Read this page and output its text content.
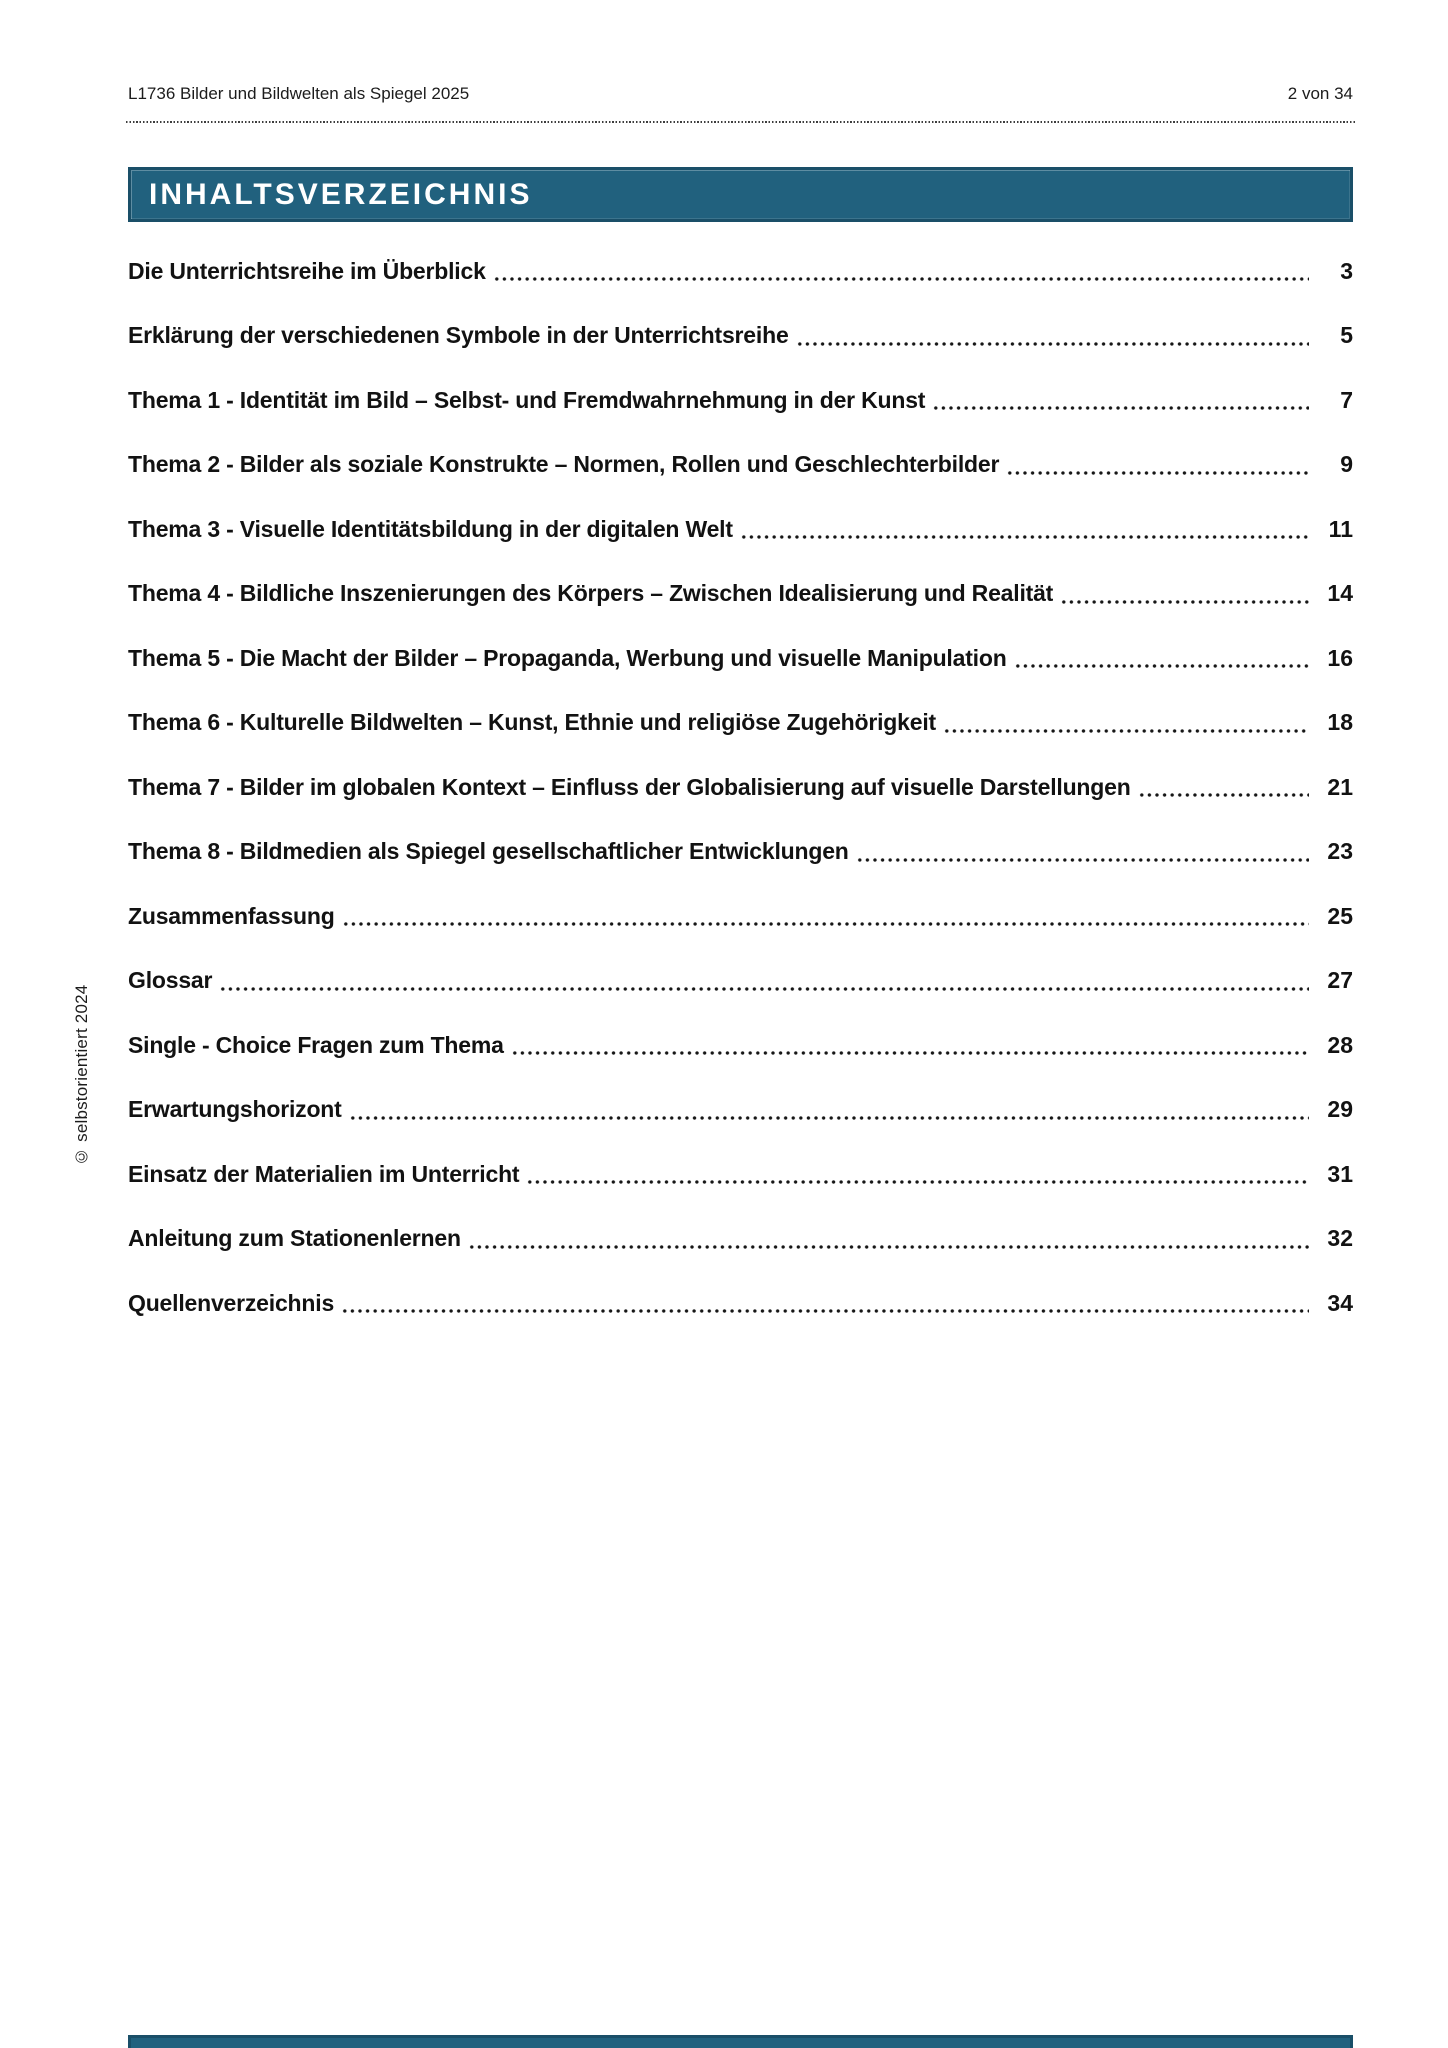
L1736 Bilder und Bildwelten als Spiegel 2025	2 von 34
INHALTSVERZEICHNIS
Die Unterrichtsreihe im Überblick	3
Erklärung der verschiedenen Symbole in der Unterrichtsreihe	5
Thema 1 - Identität im Bild – Selbst- und Fremdwahrnehmung in der Kunst	7
Thema 2 - Bilder als soziale Konstrukte – Normen, Rollen und Geschlechterbilder	9
Thema 3 - Visuelle Identitätsbildung in der digitalen Welt	11
Thema 4 - Bildliche Inszenierungen des Körpers – Zwischen Idealisierung und Realität	14
Thema 5 - Die Macht der Bilder – Propaganda, Werbung und visuelle Manipulation	16
Thema 6 - Kulturelle Bildwelten – Kunst, Ethnie und religiöse Zugehörigkeit	18
Thema 7 - Bilder im globalen Kontext – Einfluss der Globalisierung auf visuelle Darstellungen	21
Thema 8 - Bildmedien als Spiegel gesellschaftlicher Entwicklungen	23
Zusammenfassung	25
Glossar	27
Single - Choice Fragen zum Thema	28
Erwartungshorizont	29
Einsatz der Materialien im Unterricht	31
Anleitung zum Stationenlernen	32
Quellenverzeichnis	34
© selbstorientiert 2024
